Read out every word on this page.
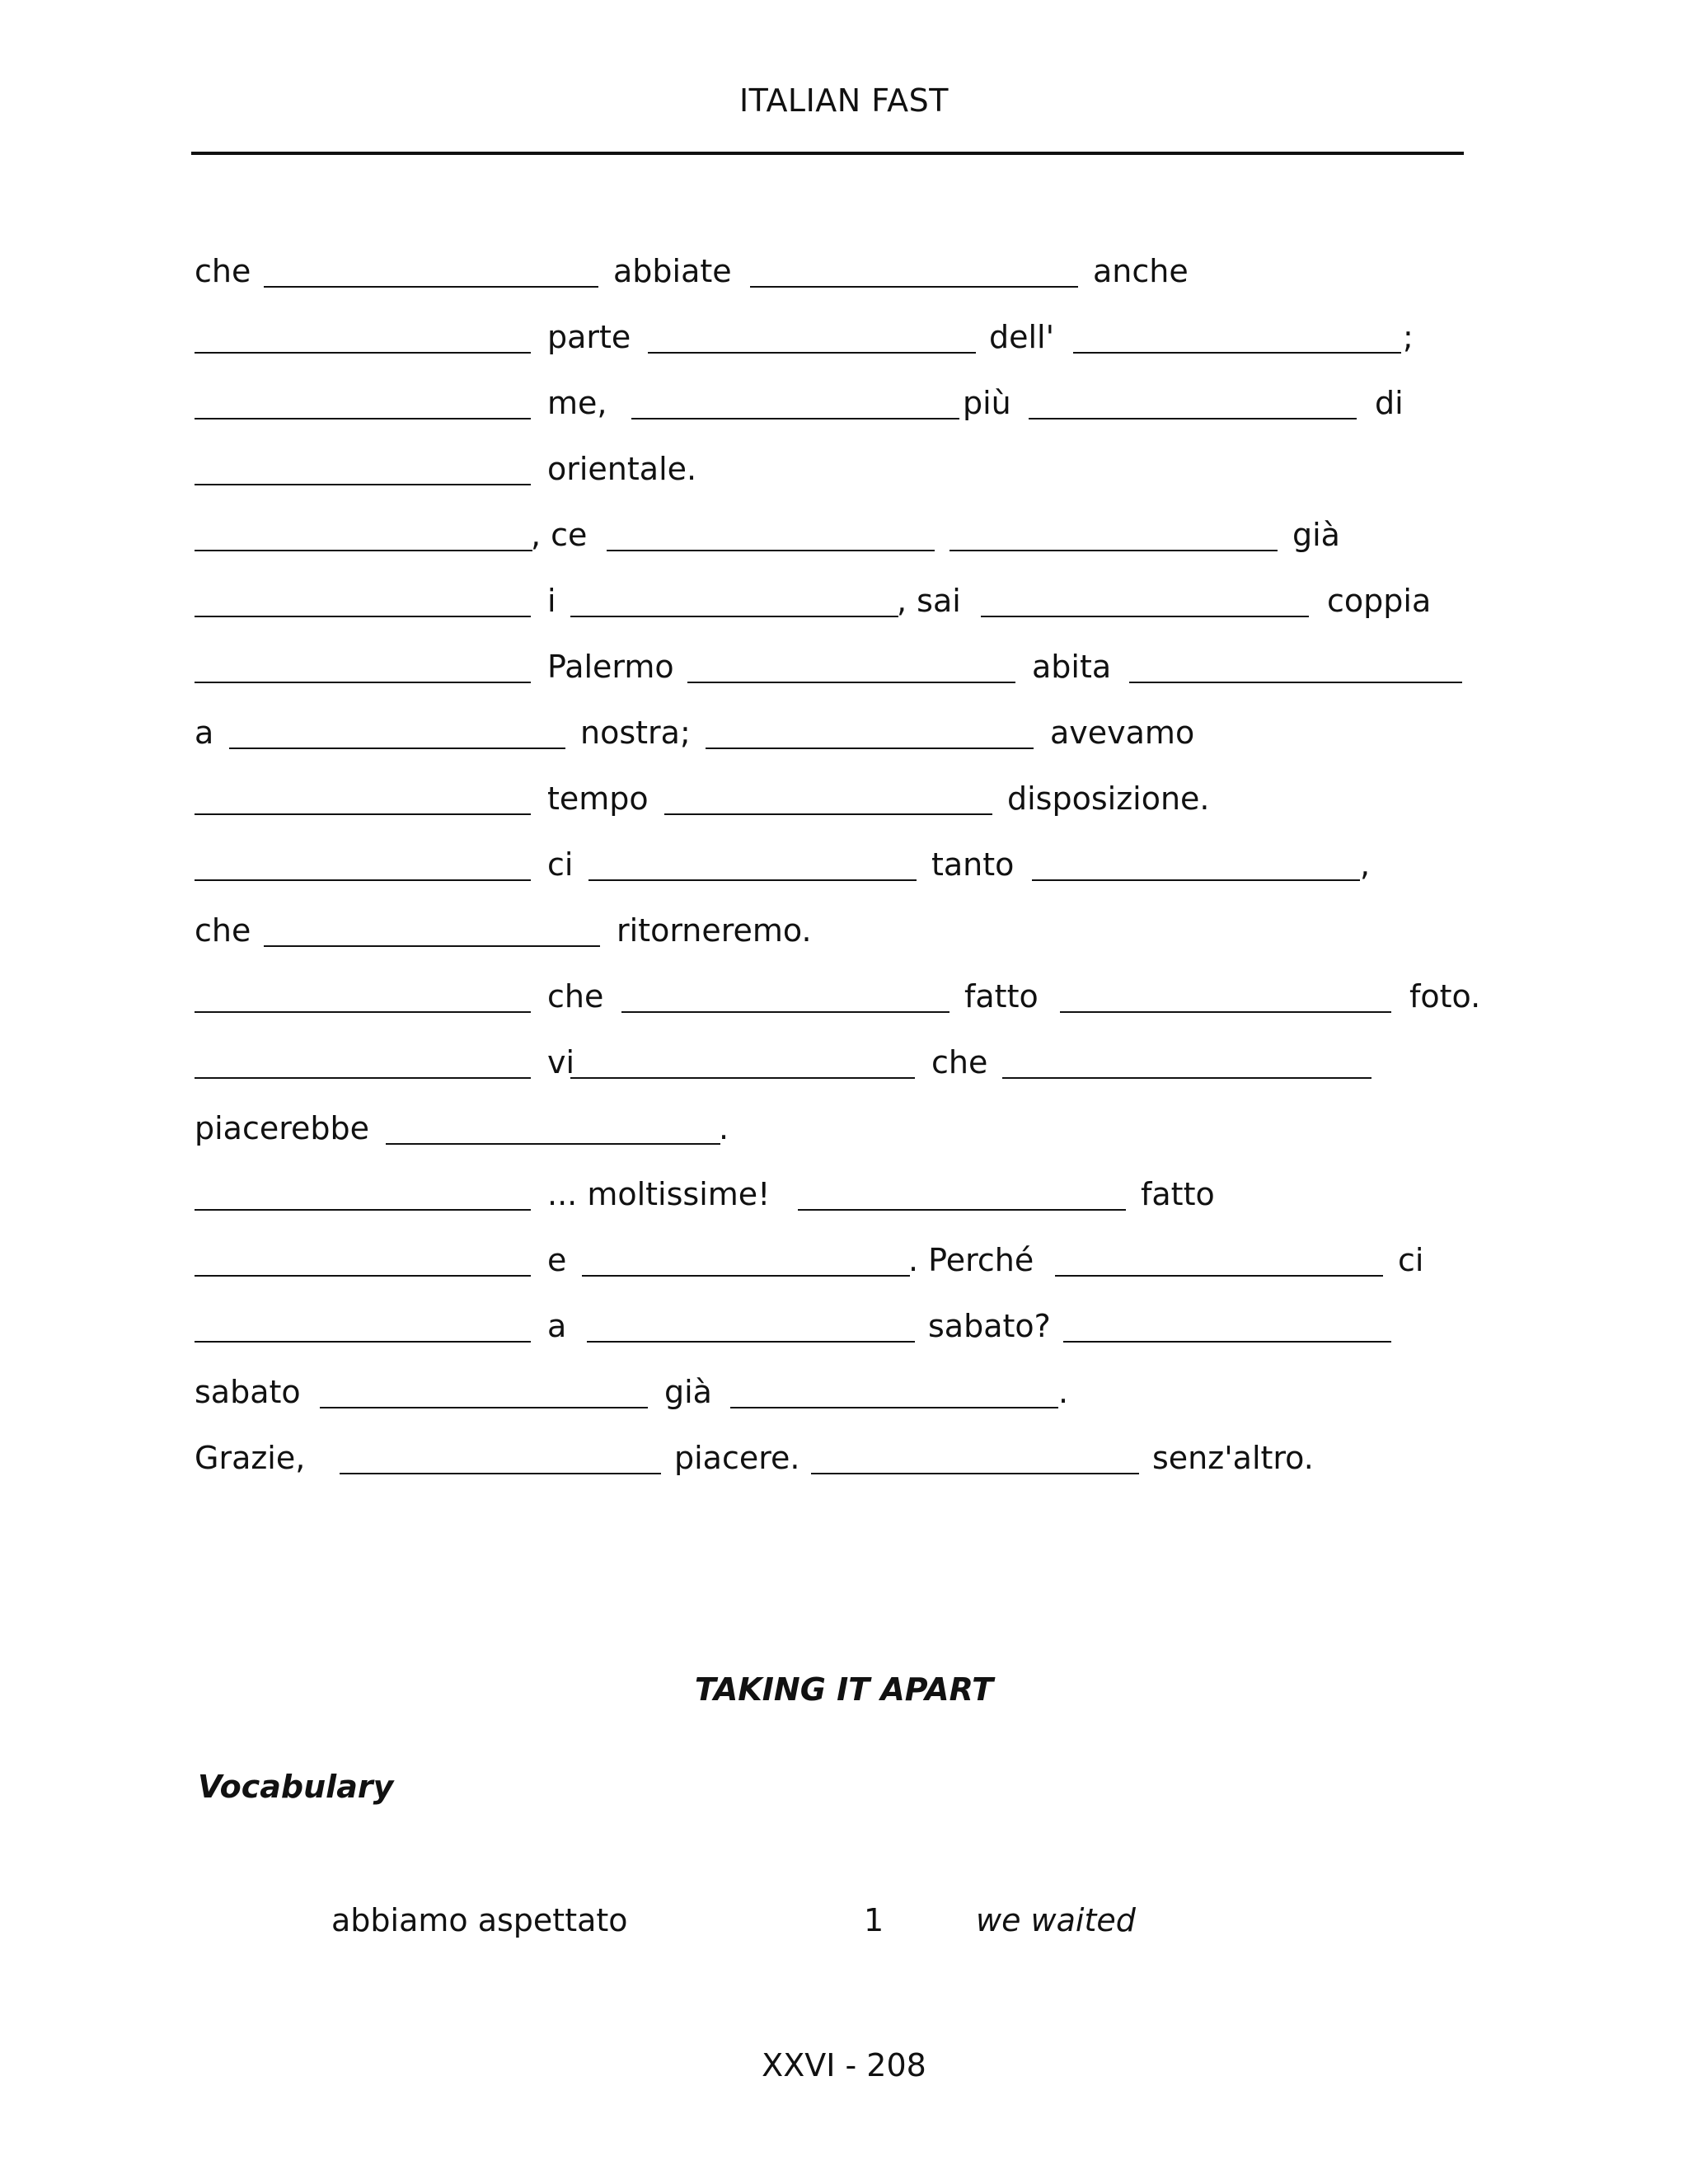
ITALIAN FAST
che	abbiate	anche
parte	dell'	;
me,	più	di
orientale.
, ce	già
i	, sai	coppia
Palermo	abita
a	nostra;	avevamo
tempo	disposizione.
ci	tanto	,
che	ritorneremo.
che	fatto	foto.
vi	che
piacerebbe	.
... moltissime!	fatto
e	. Perché	ci
a	sabato?
sabato	già	.
Grazie,	piacere.	senz'altro.
TAKING IT APART
Vocabulary
abbiamo aspettato	1	we waited
XXVI - 208
